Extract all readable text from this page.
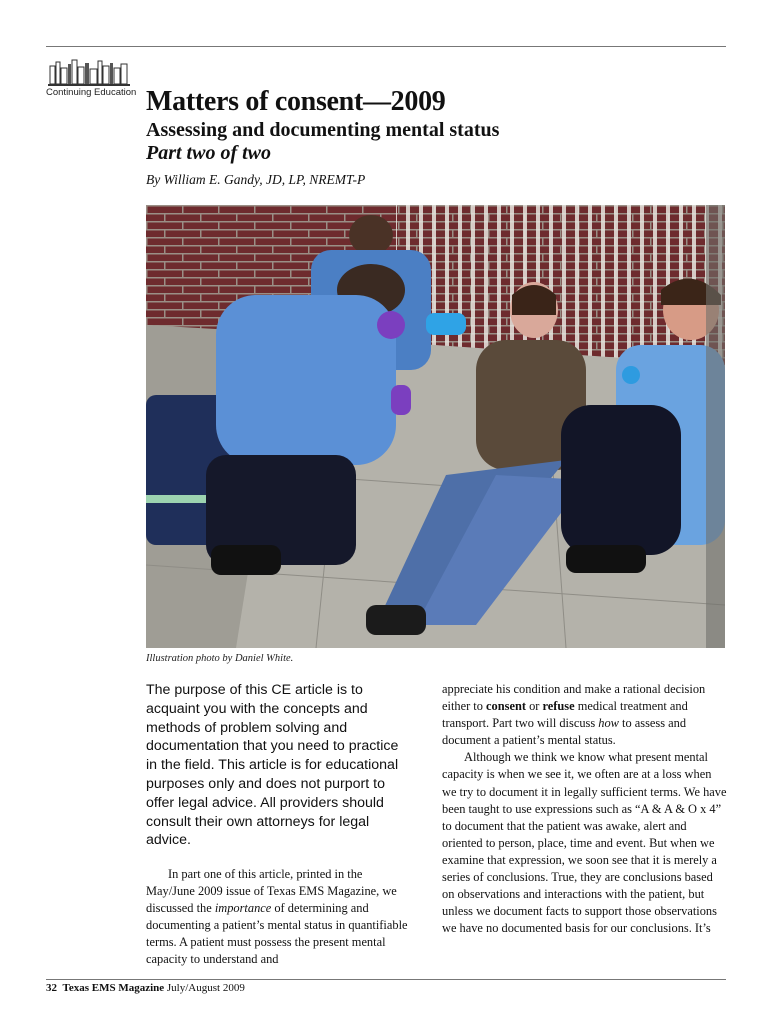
Continuing Education Matters of consent—2009
Assessing and documenting mental status
Part two of two

By William E. Gandy, JD, LP, NREMT-P

Illustration photo by Daniel White.

The purpose of this CE article is to
acquaint you with the concepts and
methods of problem solving and
documentation that you need to practice
in the field. This article is for educational
purposes only and does not purport to
offer legal advice. All providers should
consult their own attorneys for legal
advice.

In part one of this article, printed in the May/June 2009 issue of Texas EMS Magazine, we discussed the importance of determining and documenting a patient’s mental status in quantifiable terms. A patient must possess the present mental capacity to understand and

appreciate his condition and make a rational decision either to consent or refuse medical treatment and transport. Part two will discuss how to assess and document a patient’s mental status.

Although we think we know what present mental capacity is when we see it, we often are at a loss when we try to document it in legally sufficient terms. We have been taught to use expressions such as “A & A & O x 4” to document that the patient was awake, alert and oriented to person, place, time and event. But when we examine that expression, we soon see that it is merely a series of conclusions. True, they are conclusions based on observations and interactions with the patient, but unless we document facts to support those observations we have no documented basis for our conclusions. It’s

32 Texas EMS Magazine July/August 2009
